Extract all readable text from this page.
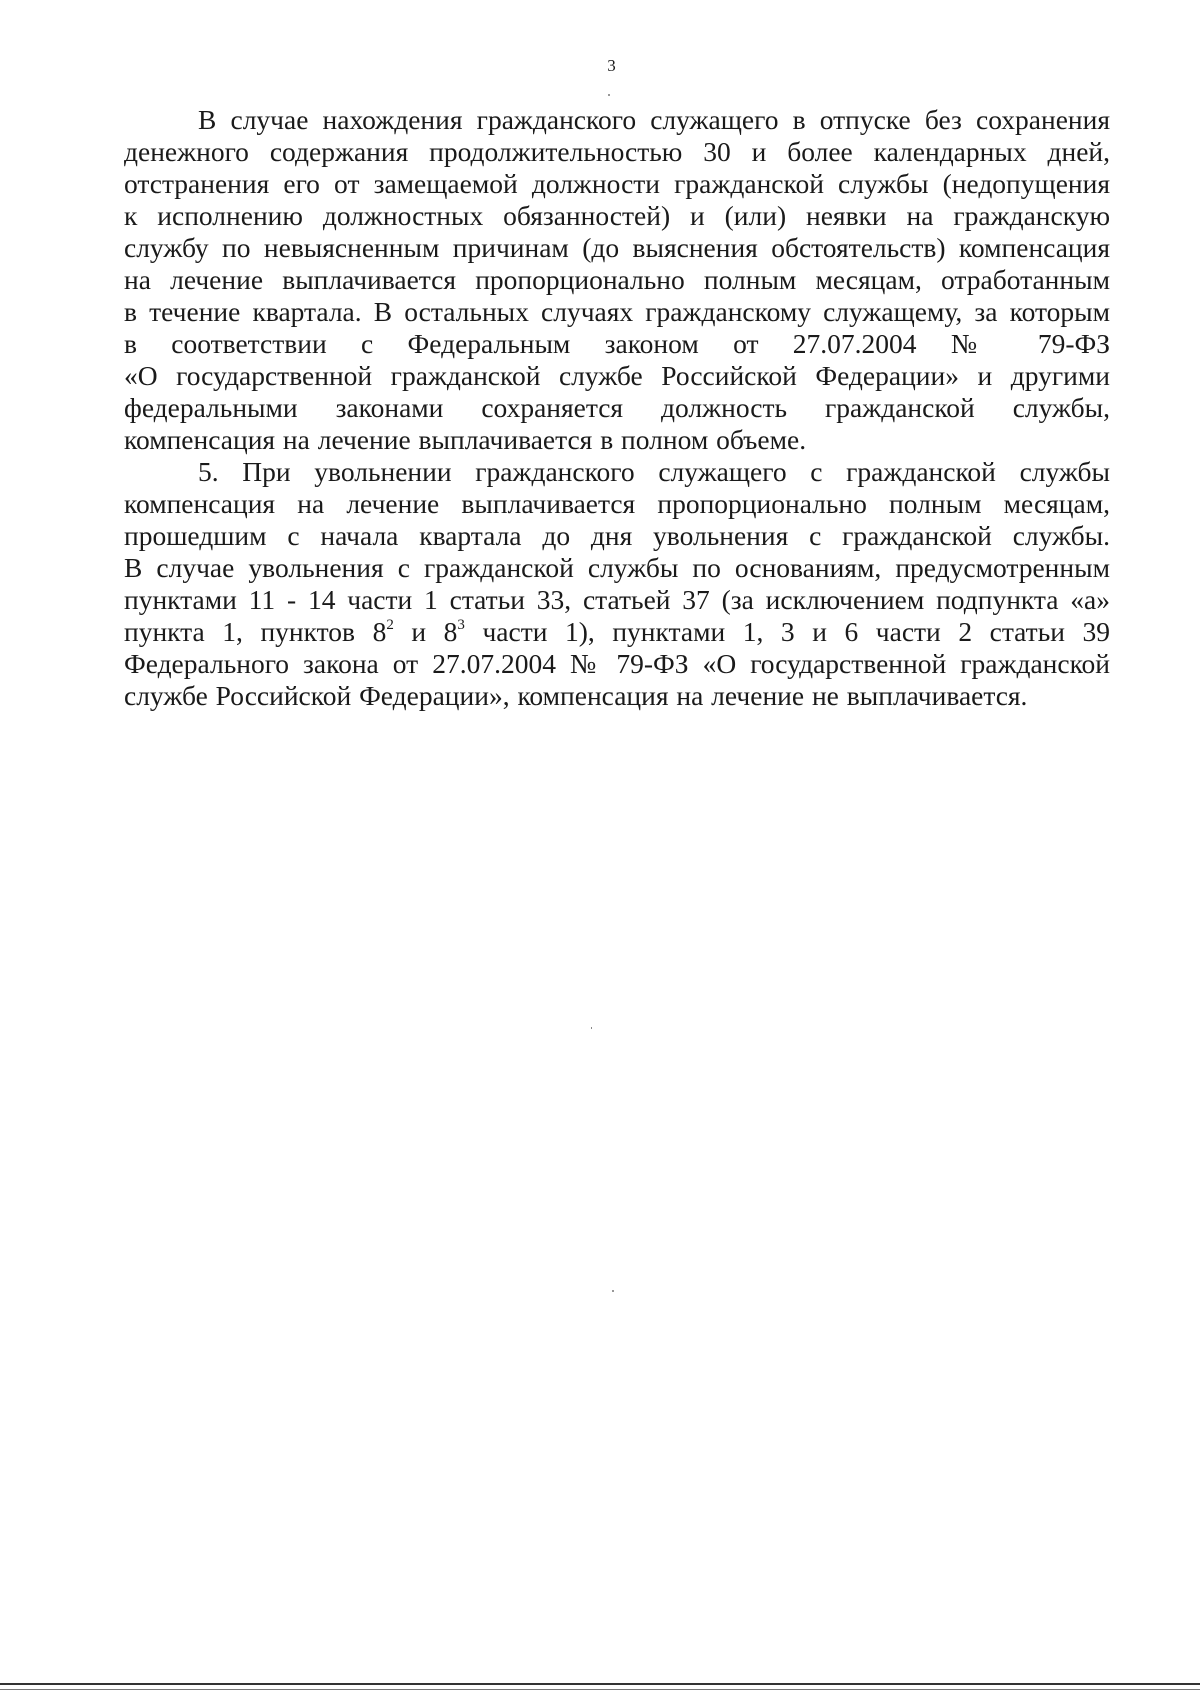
3

В случае нахождения гражданского служащего в отпуске без сохранения
денежного содержания продолжительностью 30 и более календарных дней,
отстранения его от замещаемой должности гражданской службы (недопущения
к исполнению должностных обязанностей) и (или) неявки на гражданскую
службу по невыясненным причинам (до выяснения обстоятельств) компенсация
на лечение выплачивается пропорционально полным месяцам, отработанным
в течение квартала. В остальных случаях гражданскому служащему, за которым
в соответствии с Федеральным законом от 27.07.2004 № 79-ФЗ
«О государственной гражданской службе Российской Федерации» и другими
федеральными законами сохраняется должность гражданской службы,
компенсация на лечение выплачивается в полном объеме.

5. При увольнении гражданского служащего с гражданской службы
компенсация на лечение выплачивается пропорционально полным месяцам,
прошедшим с начала квартала до дня увольнения с гражданской службы.
В случае увольнения с гражданской службы по основаниям, предусмотренным
пунктами 11 - 14 части 1 статьи 33, статьей 37 (за исключением подпункта «а»
пункта 1, пунктов $8^2$ и $8^3$ части 1), пунктами 1, 3 и 6 части 2 статьи 39
Федерального закона от 27.07.2004 № 79-ФЗ «О государственной гражданской
службе Российской Федерации», компенсация на лечение не выплачивается.
